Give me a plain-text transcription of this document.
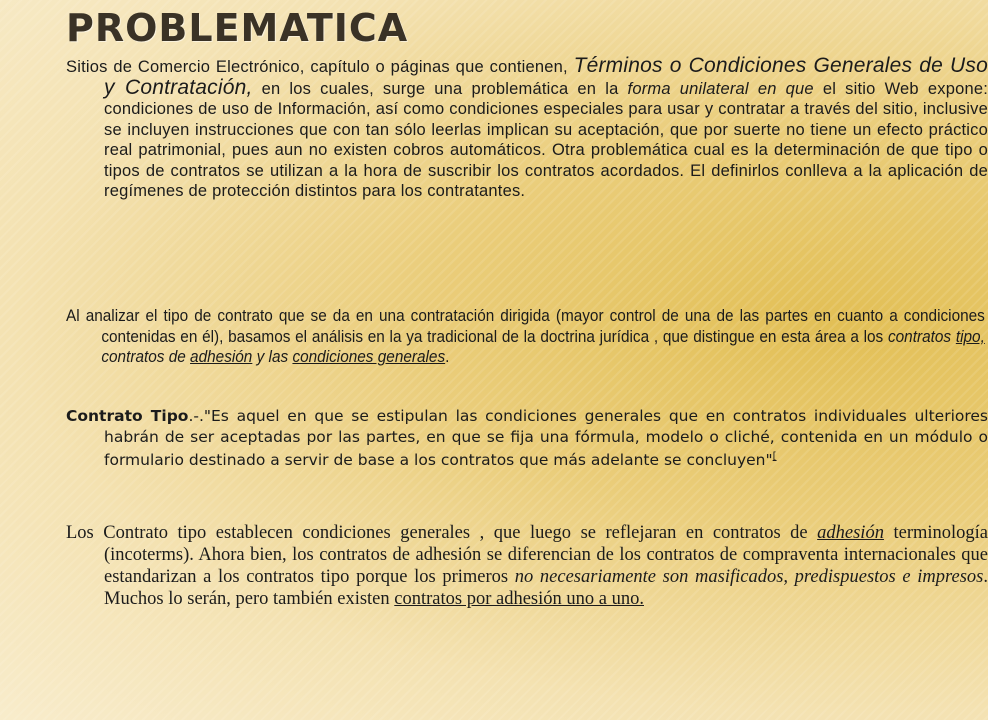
PROBLEMATICA

Sitios de Comercio Electrónico, capítulo o páginas que contienen, Términos o Condiciones Generales de Uso y Contratación, en los cuales, surge una problemática en la forma unilateral en que el sitio Web expone: condiciones de uso de Información, así como condiciones especiales para usar y contratar a través del sitio, inclusive se incluyen instrucciones que con tan sólo leerlas implican su aceptación, que por suerte no tiene un efecto práctico real patrimonial, pues aun no existen cobros automáticos. Otra problemática cual es la determinación de que tipo o tipos de contratos se utilizan a la hora de suscribir los contratos acordados. El definirlos conlleva a la aplicación de regímenes de protección distintos para los contratantes.

Al analizar el tipo de contrato que se da en una contratación dirigida (mayor control de una de las partes en cuanto a condiciones contenidas en él), basamos el análisis en la ya tradicional de la doctrina jurídica , que distingue en esta área a los contratos tipo, contratos de adhesión y las condiciones generales.

Contrato Tipo.-."Es aquel en que se estipulan las condiciones generales que en contratos individuales ulteriores habrán de ser aceptadas por las partes, en que se fija una fórmula, modelo o cliché, contenida en un módulo o formulario destinado a servir de base a los contratos que más adelante se concluyen"[

Los Contrato tipo establecen condiciones generales , que luego se reflejaran en contratos de adhesión terminología (incoterms). Ahora bien, los contratos de adhesión se diferencian de los contratos de compraventa internacionales que estandarizan a los contratos tipo porque los primeros no necesariamente son masificados, predispuestos e impresos. Muchos lo serán, pero también existen contratos por adhesión uno a uno.
